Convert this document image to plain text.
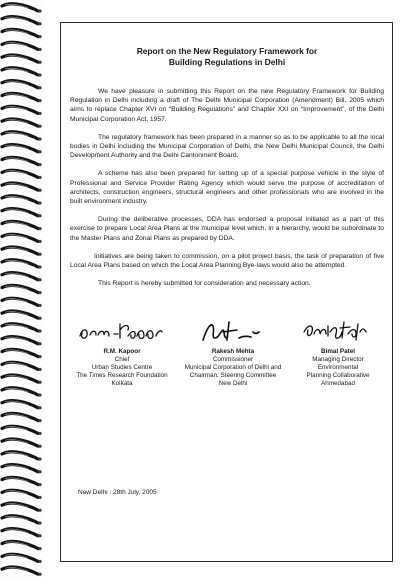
Report on the New Regulatory Framework for
Building Regulations in Delhi

We have pleasure in submitting this Report on the new Regulatory Framework for Building Regulation in Delhi including a draft of The Delhi Municipal Corporation (Amendment) Bill, 2005 which aims to replace Chapter XVI on “Building Regulations” and Chapter XXI on “Improvement”, of the Delhi Municipal Corporation Act, 1957.

The regulatory framework has been prepared in a manner so as to be applicable to all the local bodies in Delhi including the Municipal Corporation of Delhi, the New Delhi Municipal Council, the Delhi Development Authority and the Delhi Cantonment Board.

A scheme has also been prepared for setting up of a special purpose vehicle in the style of Professional and Service Provider Rating Agency which would serve the purpose of accreditation of architects, construction engineers, structural engineers and other professionals who are involved in the built environment industry.

During the deliberative processes, DDA has endorsed a proposal initiated as a part of this exercise to prepare Local Area Plans at the municipal level which, in a hierarchy, would be subordinate to the Master Plans and Zonal Plans as prepared by DDA.

Initiatives are being taken to commission, on a pilot project basis, the task of preparation of five Local Area Plans based on which the Local Area Planning Bye-laws would also be attempted.

This Report is hereby submitted for consideration and necessary action.

R.M. Kapoor
Chief
Urban Studies Centre
The Times Research Foundation
Kolkata
Rakesh Mehta
Commissioner
Municipal Corporation of Delhi and
Chairman, Steering Committee
New Delhi
Bimal Patel
Managing Director
Environmental
Planning Collaborative
Ahmedabad
New Delhi : 28th July, 2005
